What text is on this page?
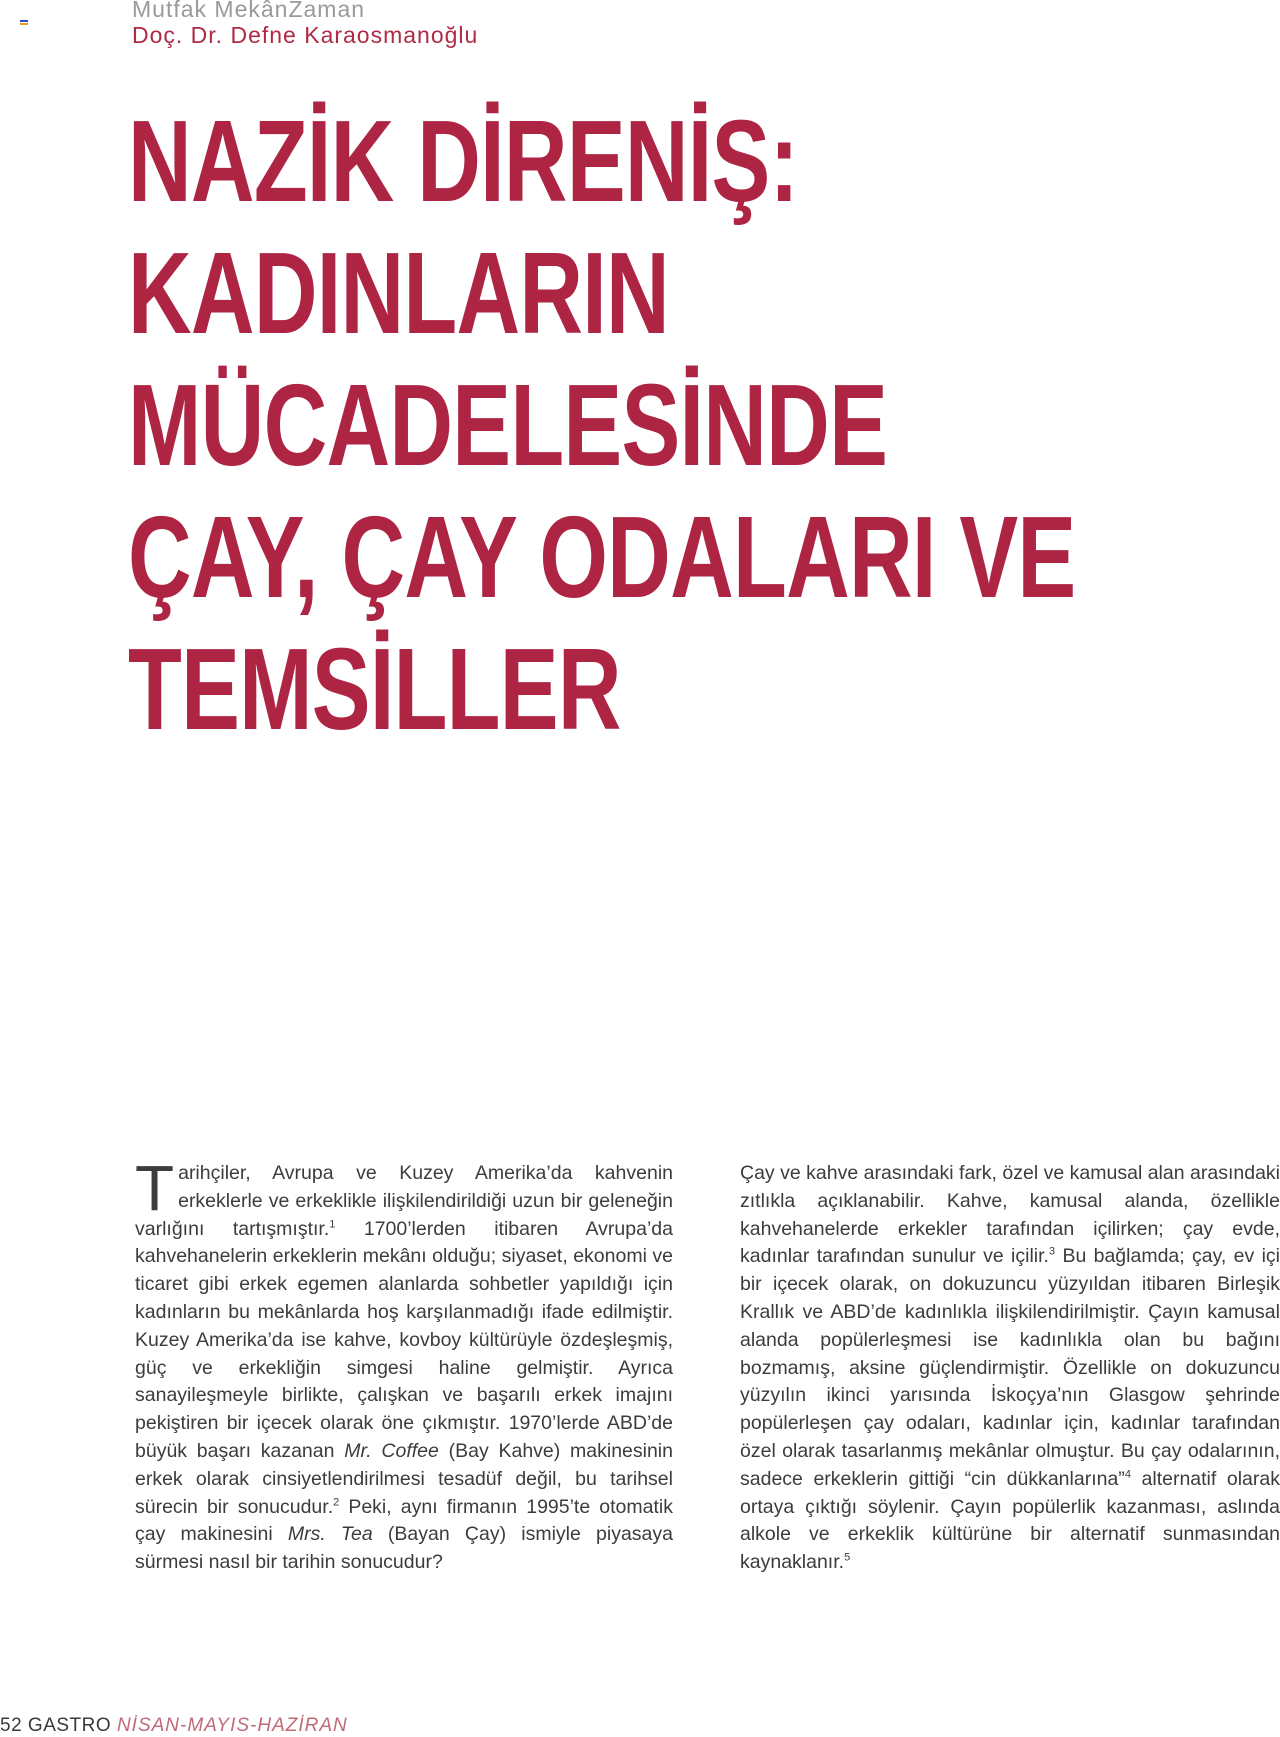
Mutfak MekânZaman
Doç. Dr. Defne Karaosmanoğlu
NAZİK DİRENİŞ:
KADINLARIN
MÜCADELESİNDE
ÇAY, ÇAY ODALARI VE
TEMSİLLER

Tarihçiler, Avrupa ve Kuzey Amerika’da kahvenin erkeklerle ve erkeklikle ilişkilendirildiği uzun bir geleneğin varlığını tartışmıştır.$^1$ 1700’lerden itibaren Avrupa’da kahvehanelerin erkeklerin mekânı olduğu; siyaset, ekonomi ve ticaret gibi erkek egemen alanlarda sohbetler yapıldığı için kadınların bu mekânlarda hoş karşılanmadığı ifade edilmiştir. Kuzey Amerika’da ise kahve, kovboy kültürüyle özdeşleşmiş, güç ve erkekliğin simgesi haline gelmiştir. Ayrıca sanayileşmeyle birlikte, çalışkan ve başarılı erkek imajını pekiştiren bir içecek olarak öne çıkmıştır. 1970’lerde ABD’de büyük başarı kazanan Mr. Coffee (Bay Kahve) makinesinin erkek olarak cinsiyetlendirilmesi tesadüf değil, bu tarihsel sürecin bir sonucudur.$^2$ Peki, aynı firmanın 1995’te otomatik çay makinesini Mrs. Tea (Bayan Çay) ismiyle piyasaya sürmesi nasıl bir tarihin sonucudur?

Çay ve kahve arasındaki fark, özel ve kamusal alan arasındaki zıtlıkla açıklanabilir. Kahve, kamusal alanda, özellikle kahvehanelerde erkekler tarafından içilirken; çay evde, kadınlar tarafından sunulur ve içilir.$^3$ Bu bağlamda; çay, ev içi bir içecek olarak, on dokuzuncu yüzyıldan itibaren Birleşik Krallık ve ABD’de kadınlıkla ilişkilendirilmiştir. Çayın kamusal alanda popülerleşmesi ise kadınlıkla olan bu bağını bozmamış, aksine güçlendirmiştir. Özellikle on dokuzuncu yüzyılın ikinci yarısında İskoçya’nın Glasgow şehrinde popülerleşen çay odaları, kadınlar için, kadınlar tarafından özel olarak tasarlanmış mekânlar olmuştur. Bu çay odalarının, sadece erkeklerin gittiği “cin dükkanlarına”$^4$ alternatif olarak ortaya çıktığı söylenir. Çayın popülerlik kazanması, aslında alkole ve erkeklik kültürüne bir alternatif sunmasından kaynaklanır.$^5$

52 GASTRO NİSAN-MAYIS-HAZİRAN
